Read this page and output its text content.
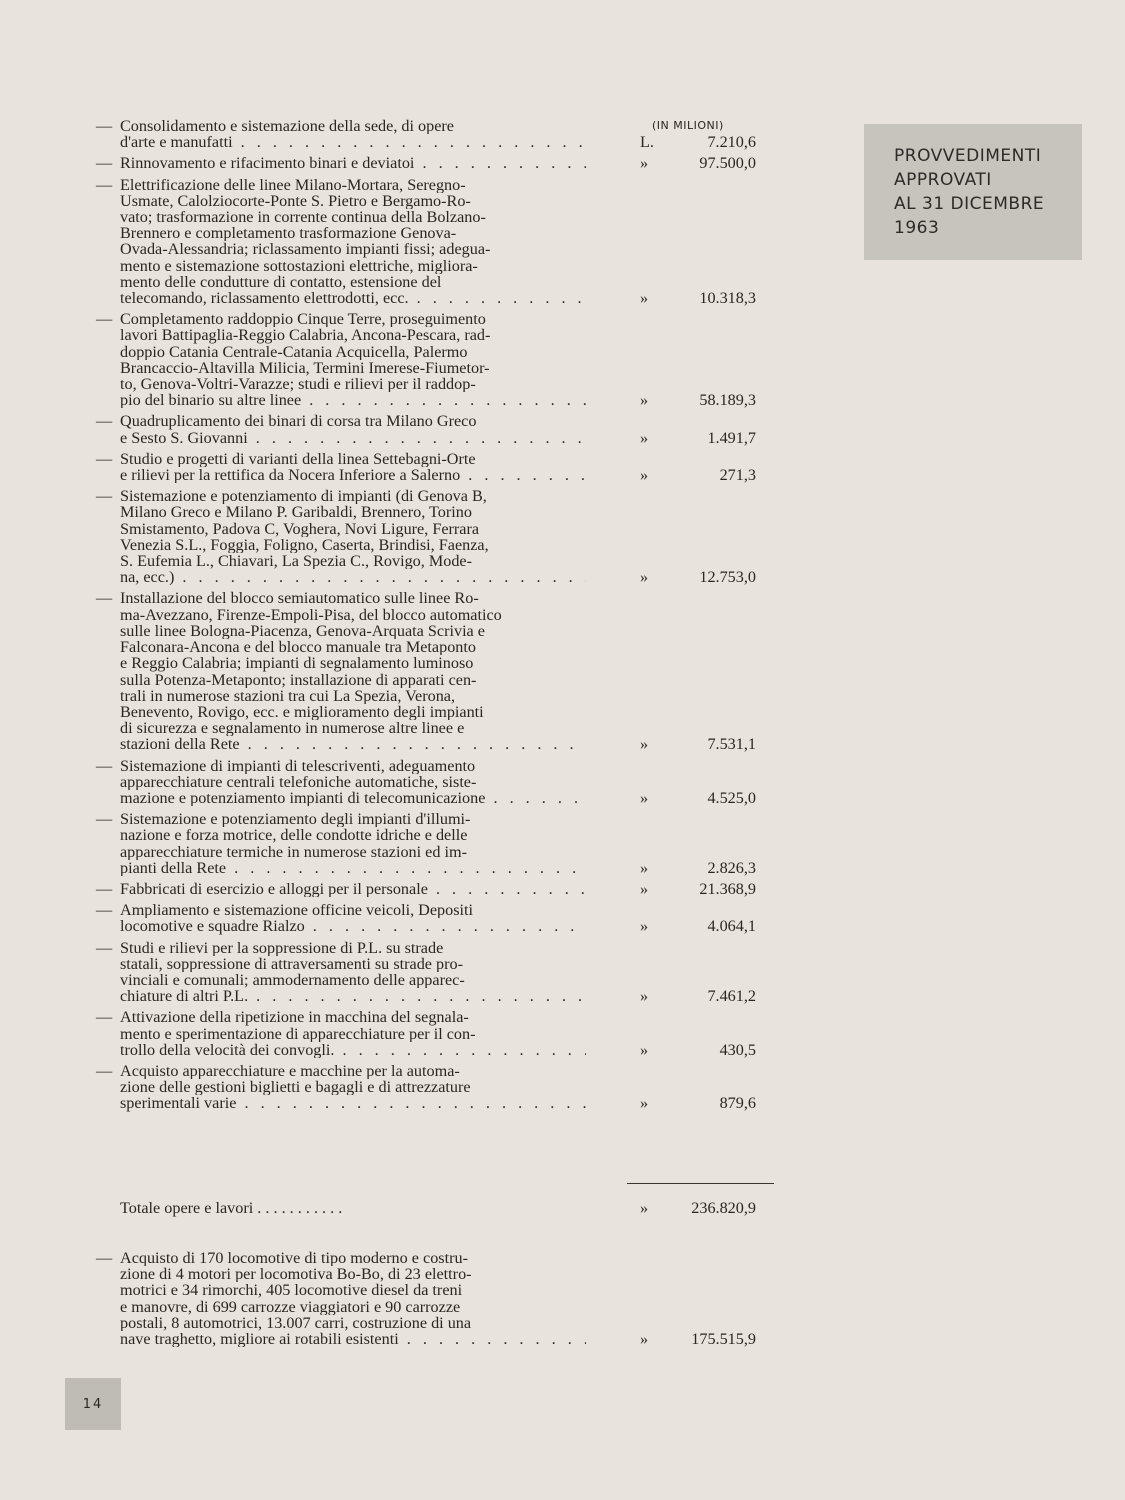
(IN MILIONI)
PROVVEDIMENTI
APPROVATI
AL 31 DICEMBRE
1963
— Consolidamento e sistemazione della sede, di opere
d'arte e manufatti . . .	L.	7.210,6
— Rinnovamento e rifacimento binari e deviatoi . . .	»	97.500,0
— Elettrificazione delle linee Milano-Mortara, Seregno-
Usmate, Calolziocorte-Ponte S. Pietro e Bergamo-Ro-
vato; trasformazione in corrente continua della Bolzano-
Brennero e completamento trasformazione Genova-
Ovada-Alessandria; riclassamento impianti fissi; adegua-
mento e sistemazione sottostazioni elettriche, migliora-
mento delle condutture di contatto, estensione del
telecomando, riclassamento elettrodotti, ecc. . . .	»	10.318,3
— Completamento raddoppio Cinque Terre, proseguimento
lavori Battipaglia-Reggio Calabria, Ancona-Pescara, rad-
doppio Catania Centrale-Catania Acquicella, Palermo
Brancaccio-Altavilla Milicia, Termini Imerese-Fiumetor-
to, Genova-Voltri-Varazze; studi e rilievi per il raddop-
pio del binario su altre linee . . .	»	58.189,3
— Quadruplicamento dei binari di corsa tra Milano Greco
e Sesto S. Giovanni . . .	»	1.491,7
— Studio e progetti di varianti della linea Settebagni-Orte
e rilievi per la rettifica da Nocera Inferiore a Salerno . . .	»	271,3
— Sistemazione e potenziamento di impianti (di Genova B,
Milano Greco e Milano P. Garibaldi, Brennero, Torino
Smistamento, Padova C, Voghera, Novi Ligure, Ferrara
Venezia S.L., Foggia, Foligno, Caserta, Brindisi, Faenza,
S. Eufemia L., Chiavari, La Spezia C., Rovigo, Mode-
na, ecc.) . . .	»	12.753,0
— Installazione del blocco semiautomatico sulle linee Ro-
ma-Avezzano, Firenze-Empoli-Pisa, del blocco automatico
sulle linee Bologna-Piacenza, Genova-Arquata Scrivia e
Falconara-Ancona e del blocco manuale tra Metaponto
e Reggio Calabria; impianti di segnalamento luminoso
sulla Potenza-Metaponto; installazione di apparati cen-
trali in numerose stazioni tra cui La Spezia, Verona,
Benevento, Rovigo, ecc. e miglioramento degli impianti
di sicurezza e segnalamento in numerose altre linee e
stazioni della Rete . . .	»	7.531,1
— Sistemazione di impianti di telescriventi, adeguamento
apparecchiature centrali telefoniche automatiche, siste-
mazione e potenziamento impianti di telecomunicazione . . .	»	4.525,0
— Sistemazione e potenziamento degli impianti d'illumi-
nazione e forza motrice, delle condotte idriche e delle
apparecchiature termiche in numerose stazioni ed im-
pianti della Rete . . .	»	2.826,3
— Fabbricati di esercizio e alloggi per il personale . . .	»	21.368,9
— Ampliamento e sistemazione officine veicoli, Depositi
locomotive e squadre Rialzo . . .	»	4.064,1
— Studi e rilievi per la soppressione di P.L. su strade
statali, soppressione di attraversamenti su strade pro-
vinciali e comunali; ammodernamento delle apparec-
chiature di altri P.L. . . .	»	7.461,2
— Attivazione della ripetizione in macchina del segnala-
mento e sperimentazione di apparecchiature per il con-
trollo della velocità dei convogli. . . .	»	430,5
— Acquisto apparecchiature e macchine per la automa-
zione delle gestioni biglietti e bagagli e di attrezzature
sperimentali varie . . .	»	879,6
Totale opere e lavori . . . . . . . . . . .	»	236.820,9
— Acquisto di 170 locomotive di tipo moderno e costru-
zione di 4 motori per locomotiva Bo-Bo, di 23 elettro-
motrici e 34 rimorchi, 405 locomotive diesel da treni
e manovre, di 699 carrozze viaggiatori e 90 carrozze
postali, 8 automotrici, 13.007 carri, costruzione di una
nave traghetto, migliore ai rotabili esistenti . . .	»	175.515,9
14
